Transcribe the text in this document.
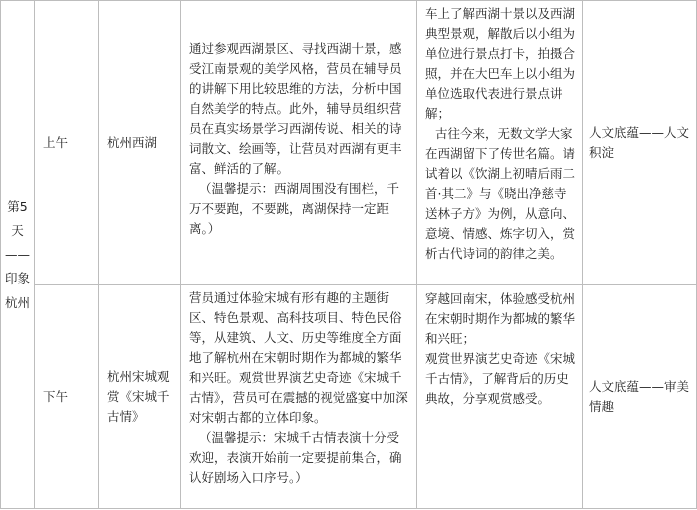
第5天——印象杭州	上午	杭州西湖	通过参观西湖景区、寻找西湖十景，感受江南景观的美学风格，营员在辅导员的讲解下用比较思维的方法，分析中国自然美学的特点。此外，辅导员组织营员在真实场景学习西湖传说、相关的诗词散文、绘画等，让营员对西湖有更丰富、鲜活的了解。
（温馨提示：西湖周围没有围栏，千万不要跑，不要跳，离湖保持一定距离。）	车上了解西湖十景以及西湖典型景观，解散后以小组为单位进行景点打卡，拍摄合照，并在大巴车上以小组为单位选取代表进行景点讲解；
古往今来，无数文学大家在西湖留下了传世名篇。请试着以《饮湖上初晴后雨二首·其二》与《晓出净慈寺送林子方》为例，从意向、意境、情感、炼字切入，赏析古代诗词的韵律之美。	人文底蕴——人文积淀
	下午	杭州宋城观赏《宋城千古情》	营员通过体验宋城有形有趣的主题街区、特色景观、高科技项目、特色民俗等，从建筑、人文、历史等维度全方面地了解杭州在宋朝时期作为都城的繁华和兴旺。观赏世界演艺史奇迹《宋城千古情》，营员可在震撼的视觉盛宴中加深对宋朝古都的立体印象。
（温馨提示：宋城千古情表演十分受欢迎，表演开始前一定要提前集合，确认好剧场入口序号。）	穿越回南宋，体验感受杭州在宋朝时期作为都城的繁华和兴旺；
观赏世界演艺史奇迹《宋城千古情》，了解背后的历史典故，分享观赏感受。	人文底蕴——审美情趣
